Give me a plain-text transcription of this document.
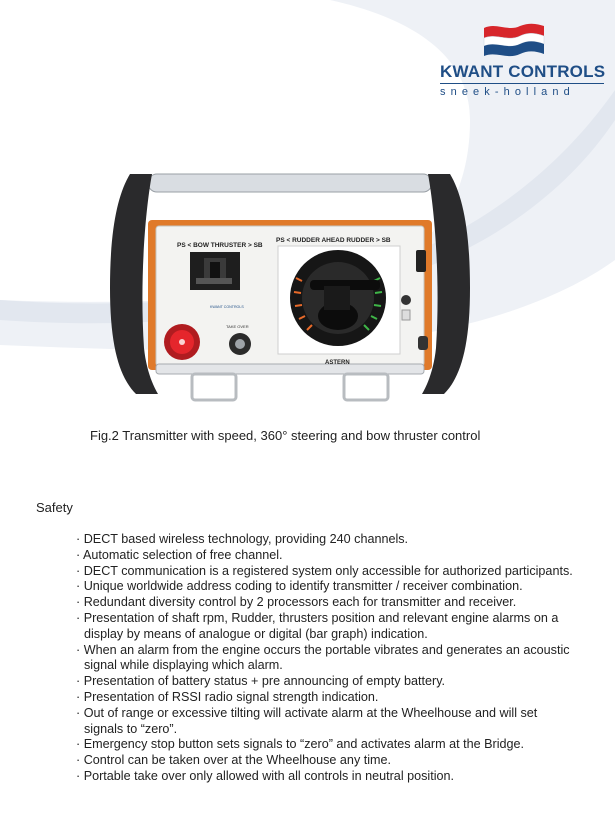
KWANT CONTROLS
sneek-holland
PS < BOW THRUSTER > SB
KWANT CONTROLS
TAKE OVER
PS < RUDDER AHEAD RUDDER > SB
ASTERN
Fig.2 Transmitter with speed, 360° steering and bow thruster control
Safety
· DECT based wireless technology, providing 240 channels.
· Automatic selection of free channel.
· DECT communication is a registered system only accessible for authorized participants.
· Unique worldwide address coding to identify transmitter / receiver combination.
· Redundant diversity control by 2 processors each for transmitter and receiver.
· Presentation of shaft rpm, Rudder, thrusters position and relevant engine alarms on a display by means of analogue or digital (bar graph) indication.
· When an alarm from the engine occurs the portable vibrates and generates an acoustic signal while displaying which alarm.
· Presentation of battery status + pre announcing of empty battery.
· Presentation of RSSI radio signal strength indication.
· Out of range or excessive tilting will activate alarm at the Wheelhouse and will set signals to “zero”.
· Emergency stop button sets signals to “zero” and activates alarm at the Bridge.
· Control can be taken over at the Wheelhouse any time.
· Portable take over only allowed with all controls in neutral position.
